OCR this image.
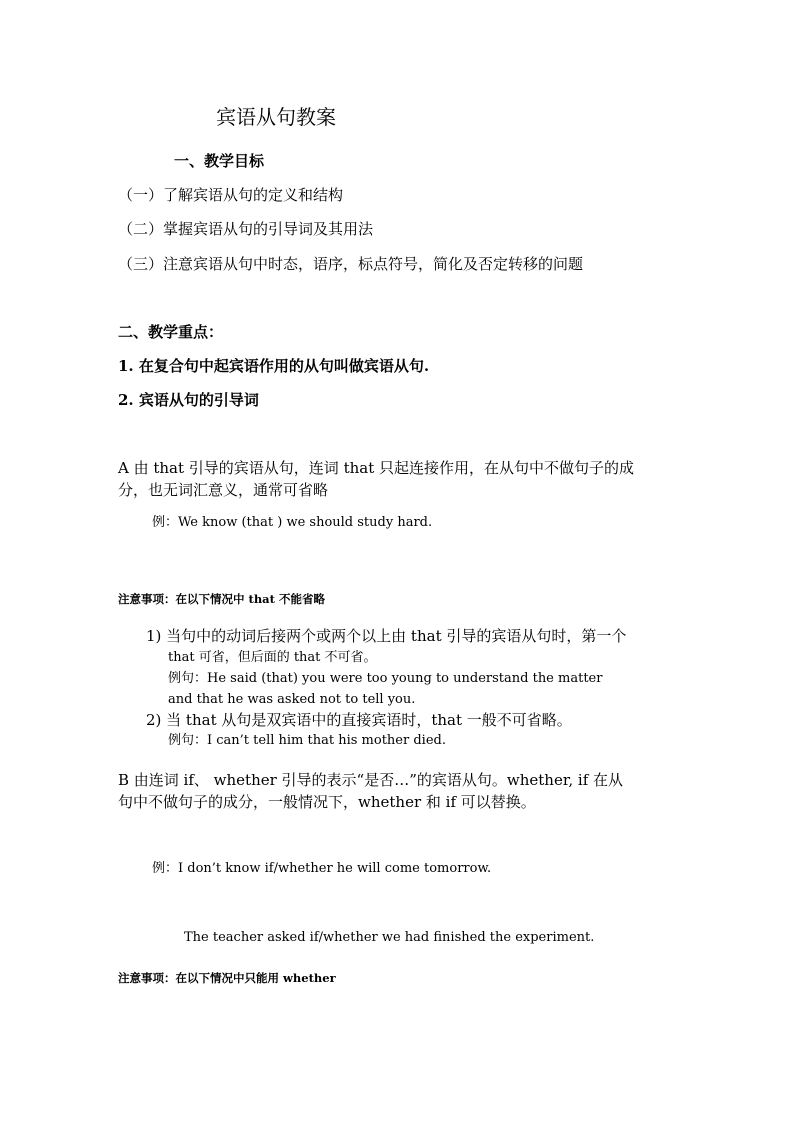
宾语从句教案
一、教学目标
（一）了解宾语从句的定义和结构
（二）掌握宾语从句的引导词及其用法
（三）注意宾语从句中时态，语序，标点符号，简化及否定转移的问题
二、教学重点：
1. 在复合句中起宾语作用的从句叫做宾语从句.
2. 宾语从句的引导词
A 由 that 引导的宾语从句，连词 that 只起连接作用，在从句中不做句子的成
分，也无词汇意义，通常可省略
例：We know (that ) we should study hard.
注意事项：在以下情况中 that 不能省略
1) 当句中的动词后接两个或两个以上由 that 引导的宾语从句时，第一个
that 可省，但后面的 that 不可省。
例句：He said (that) you were too young to understand the matter
and that he was asked not to tell you.
2) 当 that 从句是双宾语中的直接宾语时，that 一般不可省略。
例句：I can’t tell him that his mother died.
B 由连词 if、 whether 引导的表示“是否…”的宾语从句。whether, if 在从
句中不做句子的成分，一般情况下，whether 和 if 可以替换。
例：I don’t know if/whether he will come tomorrow.
The teacher asked if/whether we had finished the experiment.
注意事项：在以下情况中只能用 whether
